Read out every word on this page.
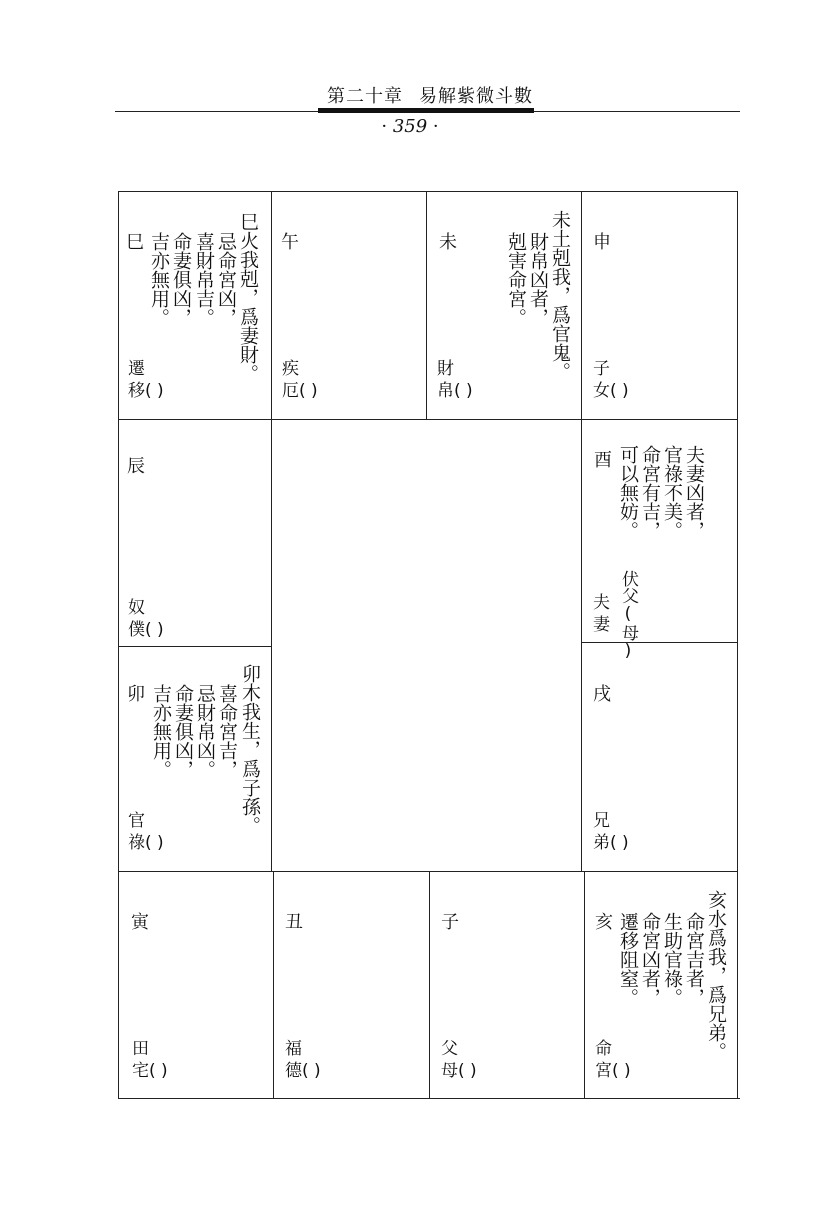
第二十章 易解紫微斗數
· 359 ·
巳火我剋，爲妻財。
忌命宮凶，
喜財帛吉。
命妻俱凶，
吉亦無用。
巳
遷
移( )
午
疾
厄( )
未土剋我，爲官鬼。
財帛凶者，
剋害命宮。
未
財
帛( )
申
子
女( )
辰
奴
僕( )
夫妻凶者，
官祿不美。
命宮有吉，
可以無妨。
酉
伏父(母)
夫
妻
卯木我生，爲子孫。
喜命宮吉，
忌財帛凶。
命妻俱凶，
吉亦無用。
卯
官
祿( )
戌
兄
弟( )
寅
田
宅( )
丑
福
德( )
子
父
母( )
亥水爲我，爲兄弟。
命宮吉者，
生助官祿。
命宮凶者，
遷移阻窒。
亥
命
宮( )
